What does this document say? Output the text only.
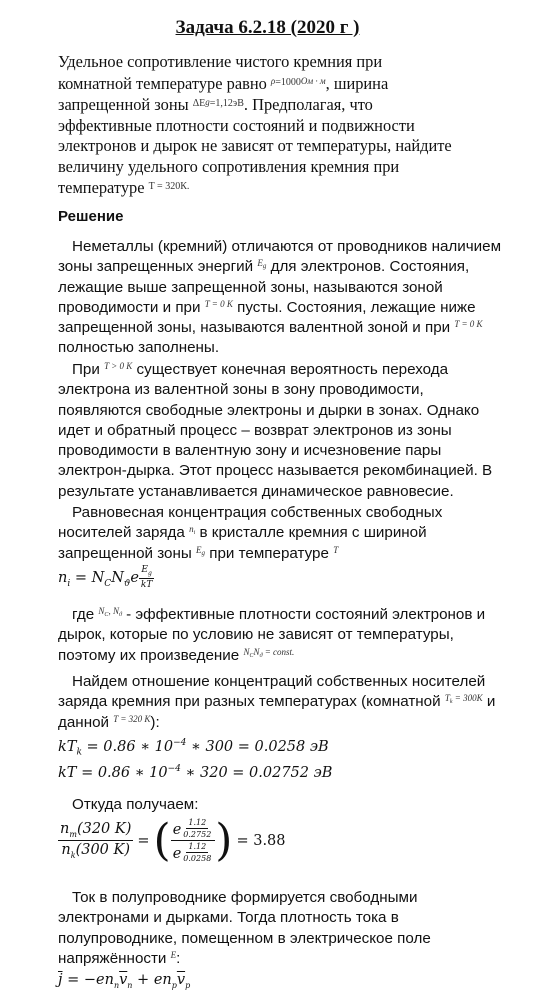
Задача 6.2.18 (2020 г )
Удельное сопротивление чистого кремния при
комнатной температуре равно $^{\rho=1000Ом \cdot м}$, ширина
запрещенной зоны $^{\Delta Eg=1,12эВ}$. Предполагая, что
эффективные плотности состояний и подвижности
электронов и дырок не зависят от температуры, найдите
величину удельного сопротивления кремния при
температуре $^{T = 320К.}$
Решение
Неметаллы (кремний) отличаются от проводников наличием
зоны запрещенных энергий $^E$g для электронов. Состояния,
лежащие выше запрещенной зоны, называются зоной
проводимости и при $^{T = 0 K}$ пусты. Состояния, лежащие ниже
запрещенной зоны, называются валентной зоной и при $^{T = 0 K}$
полностью заполнены.
При $^{T > 0 K}$ существует конечная вероятность перехода
электрона из валентной зоны в зону проводимости,
появляются свободные электроны и дырки в зонах. Однако
идет и обратный процесс – возврат электронов из зоны
проводимости в валентную зону и исчезновение пары
электрон-дырка. Этот процесс называется рекомбинацией. В
результате устанавливается динамическое равновесие.
Равновесная концентрация собственных свободных
носителей заряда $^n$i в кристалле кремния с шириной
запрещенной зоны $^E$g при температуре $^T$
$n_i = N_CN_ϑe \frac{E_g}{kT}$
где $^NC^{, N}ϑ$ - эффективные плотности состояний электронов и
дырок, которые по условию не зависят от температуры,
поэтому их произведение $^NC^Nϑ$ $^{= const.}$
Найдем отношение концентраций собственных носителей
заряда кремния при разных температурах (комнатной $^T$k $^{= 300K}$ и
данной $^{T = 320 K}$):
$kT_k = 0.86$ ∗ $10^{-4}$ ∗ 300 = 0.0258 эВ
kT = 0.86 ∗ $10^{-4}$ ∗ 320 = 0.02752 эВ
Откуда получаем:
$\frac{n_т(320 K)}{n_k(300 K)}$ = ( $\frac{e \frac{1.12}{0.2752}}{e \frac{1.12}{0.0258}}$ ) = 3.88
Ток в полупроводнике формируется свободными
электронами и дырками. Тогда плотность тока в
полупроводнике, помещенном в электрическое поле
напряжённости $^E$:
$\overline{j} = -en_n\overline{v}_n + en_p\overline{v}_p$
